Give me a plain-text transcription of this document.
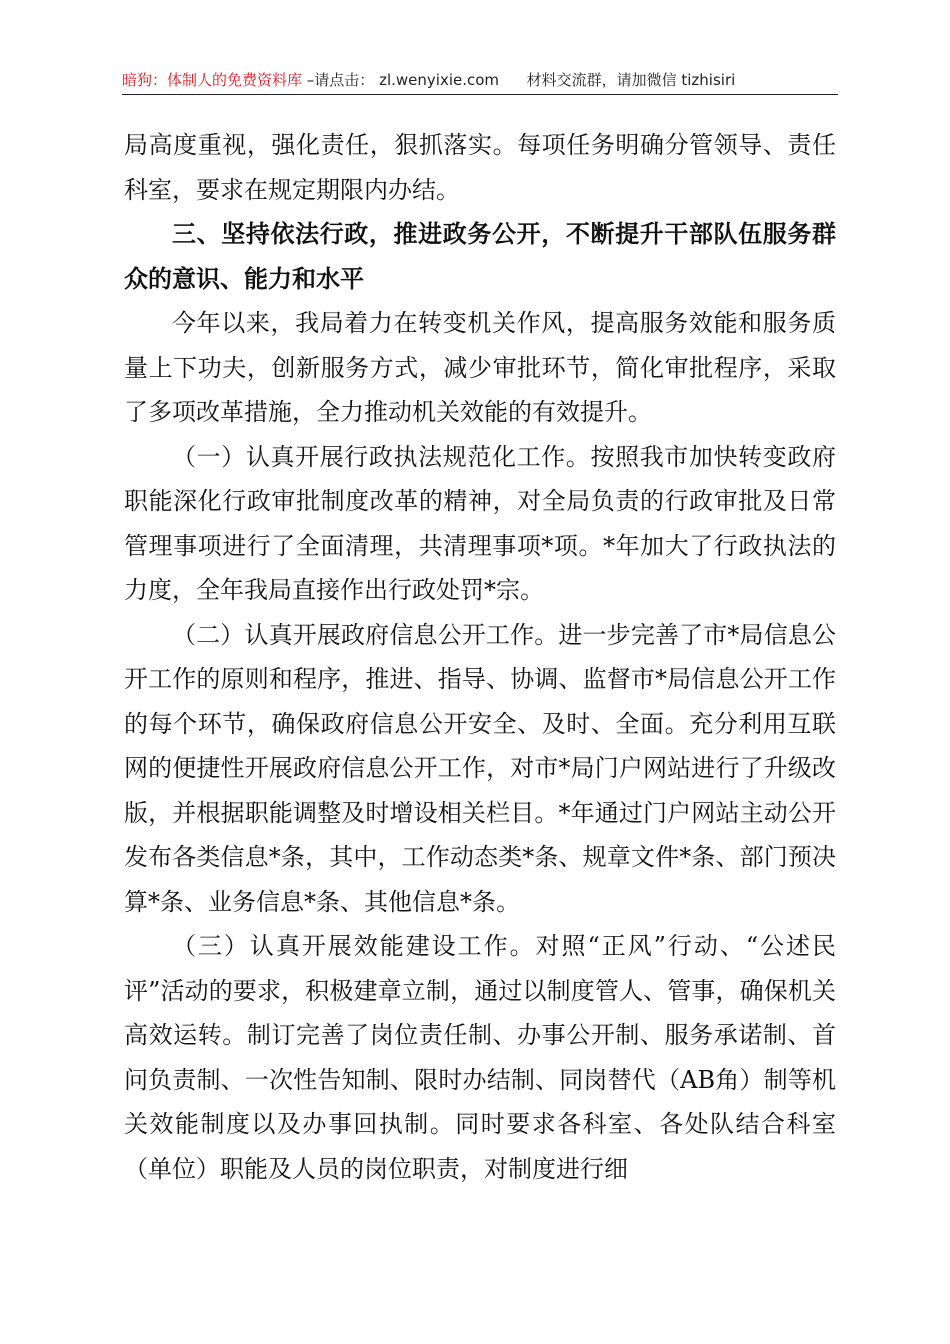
暗狗：体制人的免费资料库 –请点击： zl.wenyixie.com 材料交流群，请加微信 tizhisiri

局高度重视，强化责任，狠抓落实。每项任务明确分管领导、责任科室，要求在规定期限内办结。

三、坚持依法行政，推进政务公开，不断提升干部队伍服务群众的意识、能力和水平

今年以来，我局着力在转变机关作风，提高服务效能和服务质量上下功夫，创新服务方式，减少审批环节，简化审批程序，采取了多项改革措施，全力推动机关效能的有效提升。

（一）认真开展行政执法规范化工作。按照我市加快转变政府职能深化行政审批制度改革的精神，对全局负责的行政审批及日常管理事项进行了全面清理，共清理事项*项。*年加大了行政执法的力度，全年我局直接作出行政处罚*宗。

（二）认真开展政府信息公开工作。进一步完善了市*局信息公开工作的原则和程序，推进、指导、协调、监督市*局信息公开工作的每个环节，确保政府信息公开安全、及时、全面。充分利用互联网的便捷性开展政府信息公开工作，对市*局门户网站进行了升级改版，并根据职能调整及时增设相关栏目。*年通过门户网站主动公开发布各类信息*条，其中，工作动态类*条、规章文件*条、部门预决算*条、业务信息*条、其他信息*条。

（三）认真开展效能建设工作。对照“正风”行动、“公述民评”活动的要求，积极建章立制，通过以制度管人、管事，确保机关高效运转。制订完善了岗位责任制、办事公开制、服务承诺制、首问负责制、一次性告知制、限时办结制、同岗替代（AB角）制等机关效能制度以及办事回执制。同时要求各科室、各处队结合科室（单位）职能及人员的岗位职责，对制度进行细
